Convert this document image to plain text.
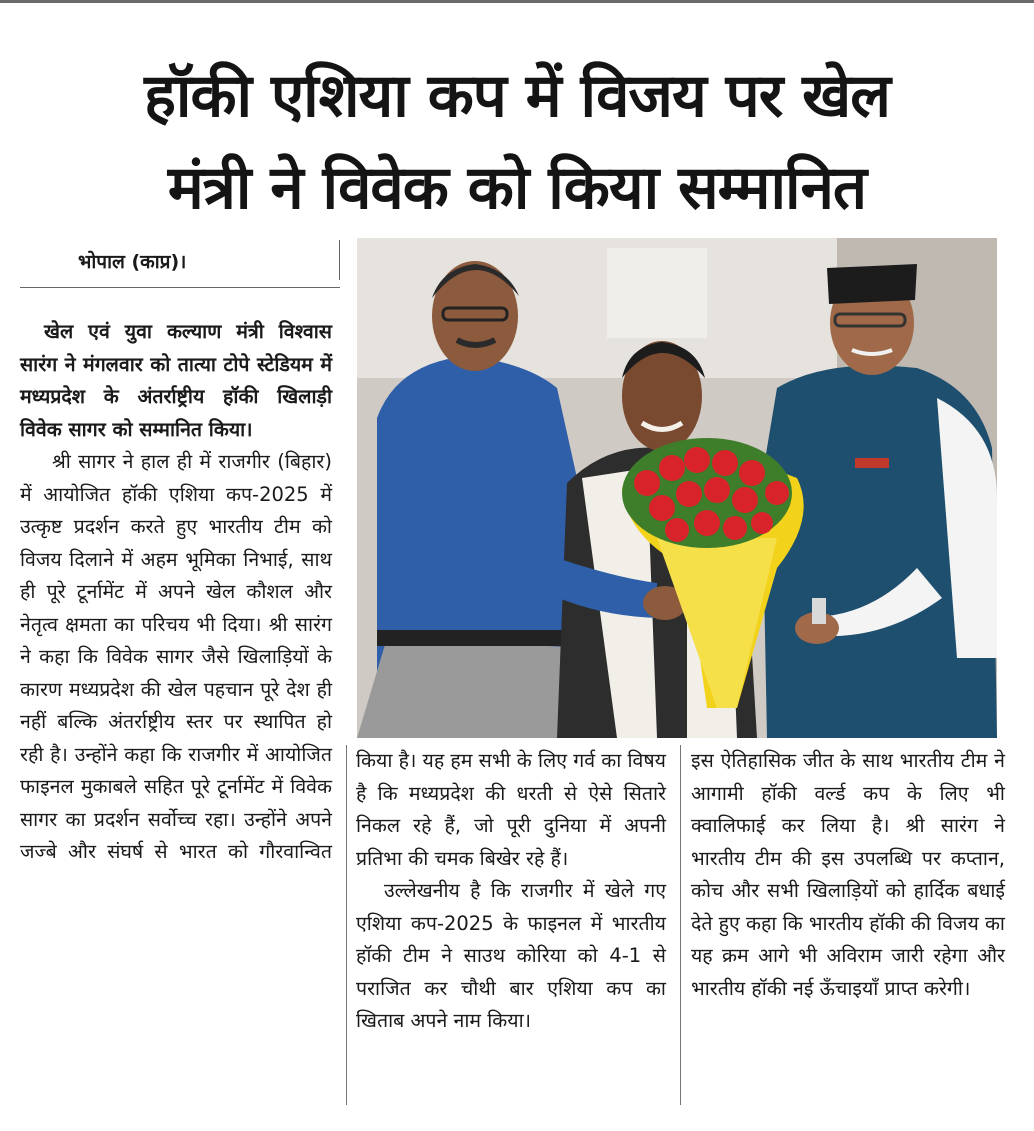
हॉकी एशिया कप में विजय पर खेल
मंत्री ने विवेक को किया सम्मानित
भोपाल (काप्र)।

खेल एवं युवा कल्याण मंत्री विश्वास सारंग ने मंगलवार को तात्या टोपे स्टेडियम में मध्यप्रदेश के अंतर्राष्ट्रीय हॉकी खिलाड़ी विवेक सागर को सम्मानित किया।

श्री सागर ने हाल ही में राजगीर (बिहार) में आयोजित हॉकी एशिया कप-2025 में उत्कृष्ट प्रदर्शन करते हुए भारतीय टीम को विजय दिलाने में अहम भूमिका निभाई, साथ ही पूरे टूर्नामेंट में अपने खेल कौशल और नेतृत्व क्षमता का परिचय भी दिया। श्री सारंग ने कहा कि विवेक सागर जैसे खिलाड़ियों के कारण मध्यप्रदेश की खेल पहचान पूरे देश ही नहीं बल्कि अंतर्राष्ट्रीय स्तर पर स्थापित हो रही है। उन्होंने कहा कि राजगीर में आयोजित फाइनल मुकाबले सहित पूरे टूर्नामेंट में विवेक सागर का प्रदर्शन सर्वोच्च रहा। उन्होंने अपने जज्बे और संघर्ष से भारत को गौरवान्वित

किया है। यह हम सभी के लिए गर्व का विषय है कि मध्यप्रदेश की धरती से ऐसे सितारे निकल रहे हैं, जो पूरी दुनिया में अपनी प्रतिभा की चमक बिखेर रहे हैं।

उल्लेखनीय है कि राजगीर में खेले गए एशिया कप-2025 के फाइनल में भारतीय हॉकी टीम ने साउथ कोरिया को 4-1 से पराजित कर चौथी बार एशिया कप का खिताब अपने नाम किया।

इस ऐतिहासिक जीत के साथ भारतीय टीम ने आगामी हॉकी वर्ल्ड कप के लिए भी क्वालिफाई कर लिया है। श्री सारंग ने भारतीय टीम की इस उपलब्धि पर कप्तान, कोच और सभी खिलाड़ियों को हार्दिक बधाई देते हुए कहा कि भारतीय हॉकी की विजय का यह क्रम आगे भी अविराम जारी रहेगा और भारतीय हॉकी नई ऊँचाइयाँ प्राप्त करेगी।
